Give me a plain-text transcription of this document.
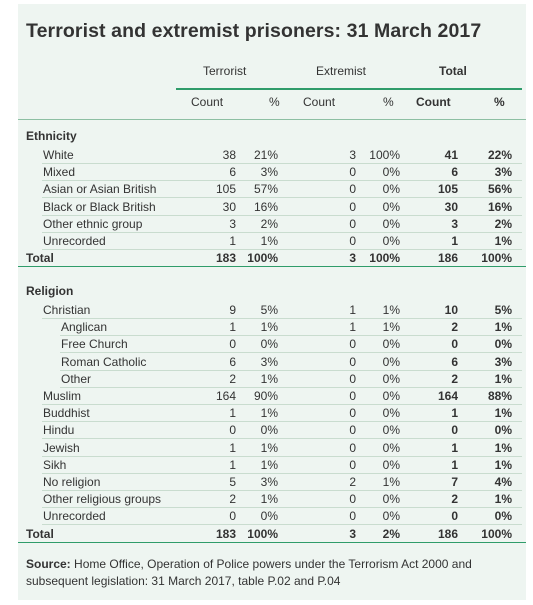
Terrorist and extremist prisoners: 31 March 2017
Terrorist	Extremist	Total
Count	% Count	% Count	%
Ethnicity
Religion
Source: Home Office, Operation of Police powers under the Terrorism Act 2000 and subsequent legislation: 31 March 2017, table P.02 and P.04
White	38 21%	3 100%	41 22%
Mixed	6 3%	0 0%	6	3%
Asian or Asian British	105 57%	0 0%	105 56%
Black or Black British	30 16%	0 0%	30 16%
Other ethnic group	3 2%	0 0%	3	2%
Unrecorded	1 1%	0 0%	1	1%
Total	183 100%	3 100%	186 100%
Christian	9 5%	1 1%	10	5%
Anglican	1 1%	1 1%	2	1%
Free Church	0 0%	0 0%	0	0%
Roman Catholic	6 3%	0 0%	6	3%
Other	2 1%	0 0%	2	1%
Muslim	164 90%	0 0%	164 88%
Buddhist	1 1%	0 0%	1	1%
Hindu	0 0%	0 0%	0	0%
Jewish	1 1%	0 0%	1	1%
Sikh	1 1%	0 0%	1	1%
No religion	5 3%	2 1%	7	4%
Other religious groups	2 1%	0 0%	2	1%
Unrecorded	0 0%	0 0%	0	0%
Total	183 100%	3 2%	186 100%
